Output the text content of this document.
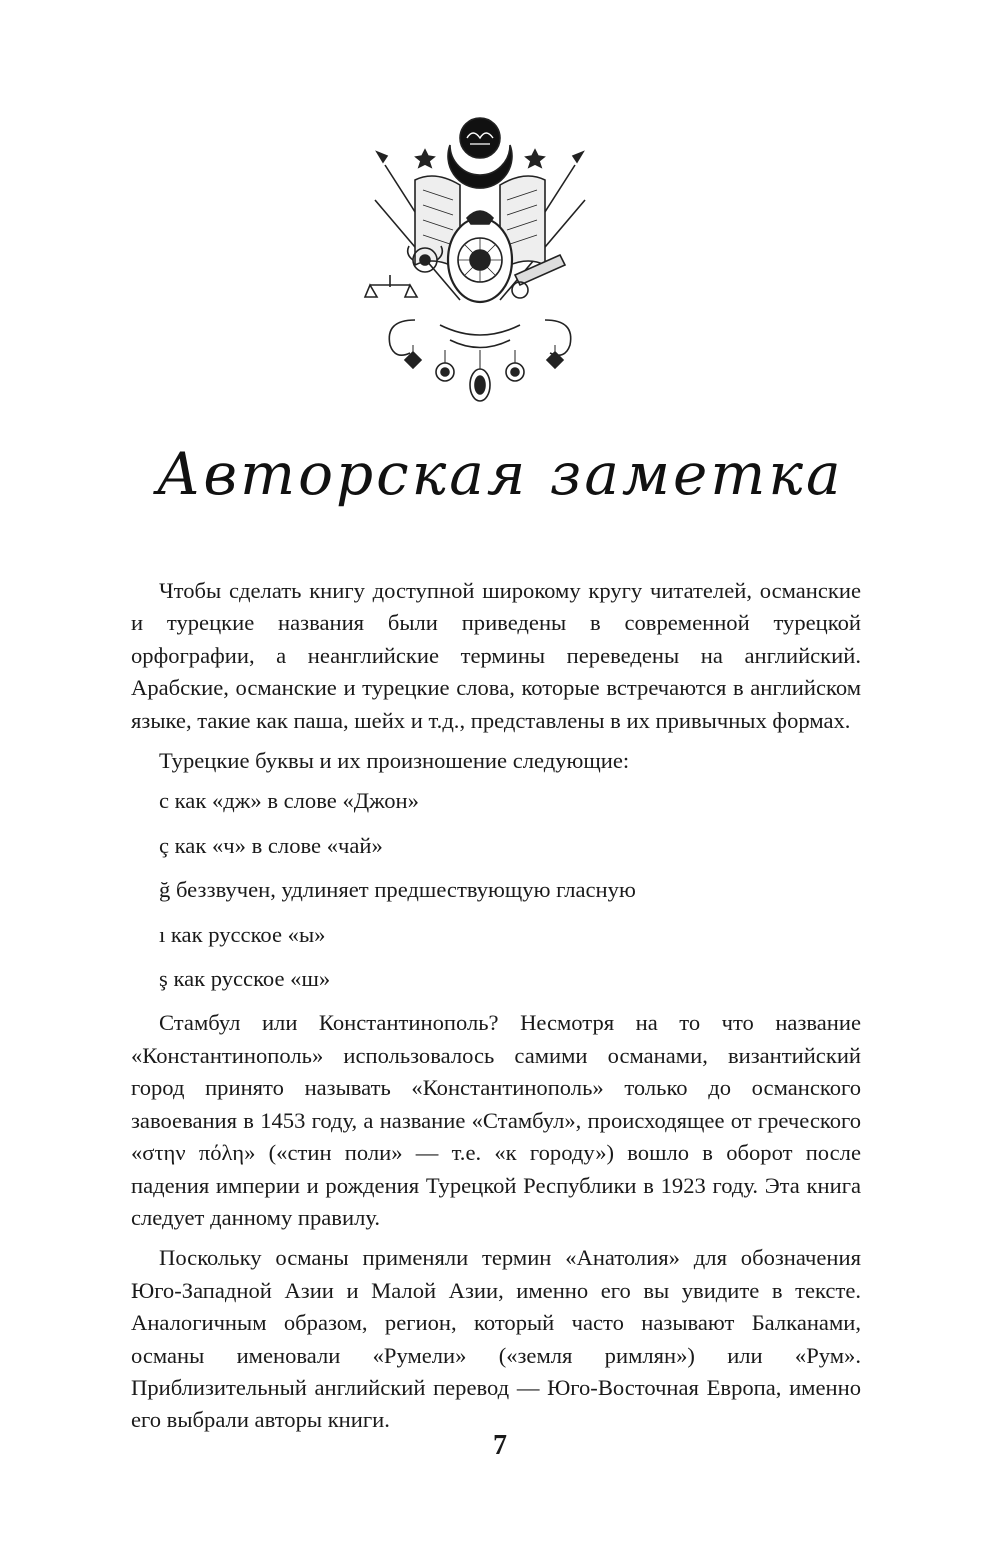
Авторская заметка

Чтобы сделать книгу доступной широкому кругу читателей, османские и турецкие названия были приведены в современной турецкой орфографии, а неанглийские термины переведены на английский. Арабские, османские и турецкие слова, которые встречаются в английском языке, такие как паша, шейх и т.д., представлены в их привычных формах.

Турецкие буквы и их произношение следующие:

c как «дж» в слове «Джон»
ç как «ч» в слове «чай»
ğ беззвучен, удлиняет предшествующую гласную
ı как русское «ы»
ş как русское «ш»

Стамбул или Константинополь? Несмотря на то что название «Константинополь» использовалось самими османами, византийский город принято называть «Константинополь» только до османского завоевания в 1453 году, а название «Стамбул», происходящее от греческого «στην πόλη» («стин поли» — т.е. «к городу») вошло в оборот после падения империи и рождения Турецкой Республики в 1923 году. Эта книга следует данному правилу.

Поскольку османы применяли термин «Анатолия» для обозначения Юго-Западной Азии и Малой Азии, именно его вы увидите в тексте. Аналогичным образом, регион, который часто называют Балканами, османы именовали «Румели» («земля римлян») или «Рум». Приблизительный английский перевод — Юго-Восточная Европа, именно его выбрали авторы книги.

7
